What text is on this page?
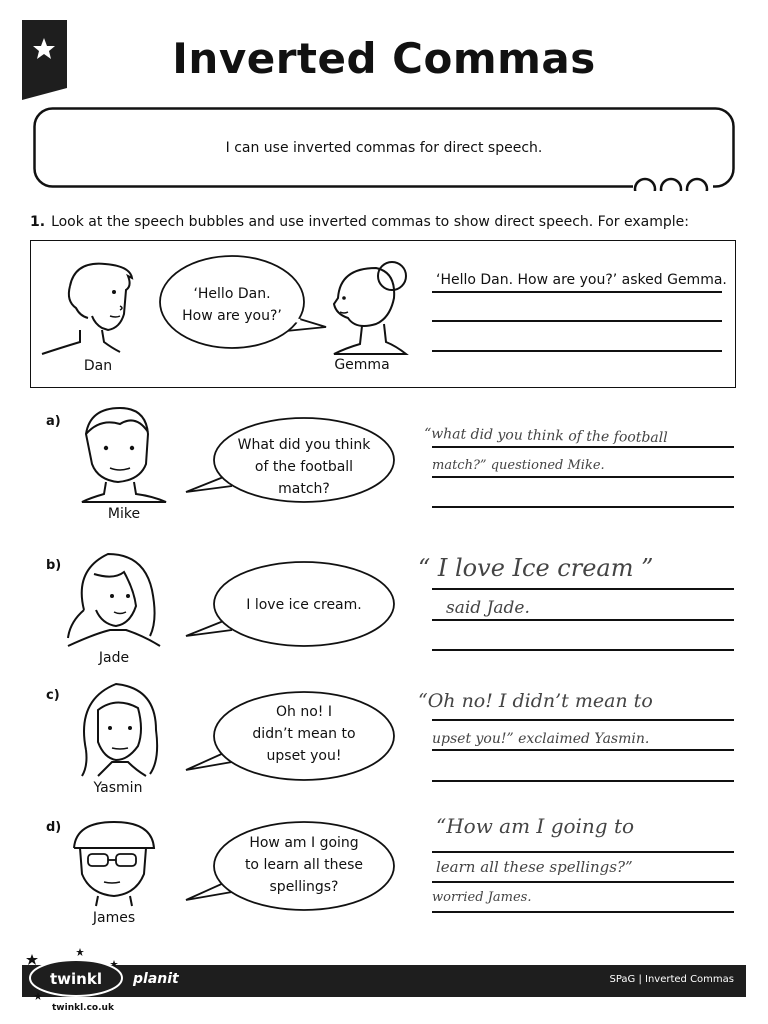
Inverted Commas
I can use inverted commas for direct speech.
1. Look at the speech bubbles and use inverted commas to show direct speech. For example:
Dan
‘Hello Dan.
How are you?’
Gemma
‘Hello Dan. How are you?’ asked Gemma.
a)
Mike
What did you think
of the football
match?
“what did you think of the football
match?” questioned Mike.
b)
Jade
I love ice cream.
“ I love Ice cream ”
said Jade.
c)
Yasmin
Oh no! I
didn’t mean to
upset you!
“Oh no! I didn’t mean to
upset you!” exclaimed Yasmin.
d)
James
How am I going
to learn all these
spellings?
“How am I going to
learn all these spellings?”
worried James.
twinkl planit	SPaG | Inverted Commas
twinkl.co.uk
